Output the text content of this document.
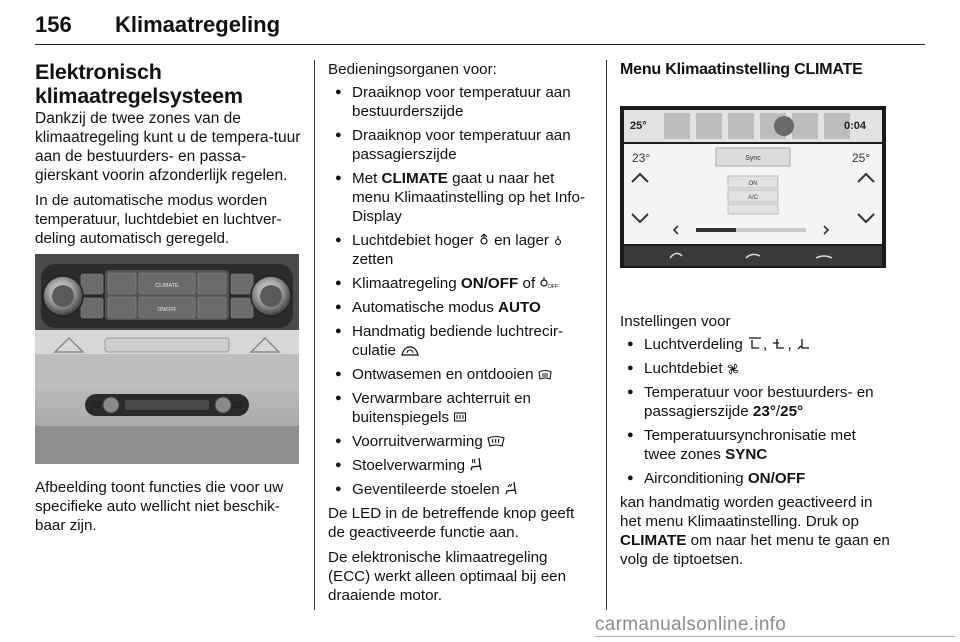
156 Klimaatregeling
Elektronisch klimaatregelsysteem

Dankzij de twee zones van de klimaatregeling kunt u de tempera-tuur aan de bestuurders- en passa-gierskant voorin afzonderlijk regelen.

In de automatische modus worden temperatuur, luchtdebiet en luchtver-deling automatisch geregeld.

CLIMATE
ON/OFF
22	20

Afbeelding toont functies die voor uw specifieke auto wellicht niet beschik-baar zijn.

Bedieningsorganen voor:

● Draaiknop voor temperatuur aan bestuurderszijde
● Draaiknop voor temperatuur aan passagierszijde
● Met CLIMATE gaat u naar het menu Klimaatinstelling op het Info-Display
● Luchtdebiet hoger en lager  zetten
● Klimaatregeling ON/OFF of	OFF
● Automatische modus AUTO
● Handmatig bediende luchtrecir-culatie
● Ontwasemen en ontdooien
● Verwarmbare achterruit en buitenspiegels
● Voorruitverwarming
● Stoelverwarming
● Geventileerde stoelen

De LED in de betreffende knop geeft de geactiveerde functie aan.

De elektronische klimaatregeling (ECC) werkt alleen optimaal bij een draaiende motor.

Menu Klimaatinstelling CLIMATE
25°	0:04
23°	25°
Sync
ON
A/C

Instellingen voor

● Luchtverdeling , ,
● Luchtdebiet
● Temperatuur voor bestuurders- en passagierszijde 23°/25°
● Temperatuursynchronisatie met twee zones SYNC
● Airconditioning ON/OFF

kan handmatig worden geactiveerd in het menu Klimaatinstelling. Druk op
CLIMATE om naar het menu te gaan en volg de tiptoetsen.

carmanualsonline.info
